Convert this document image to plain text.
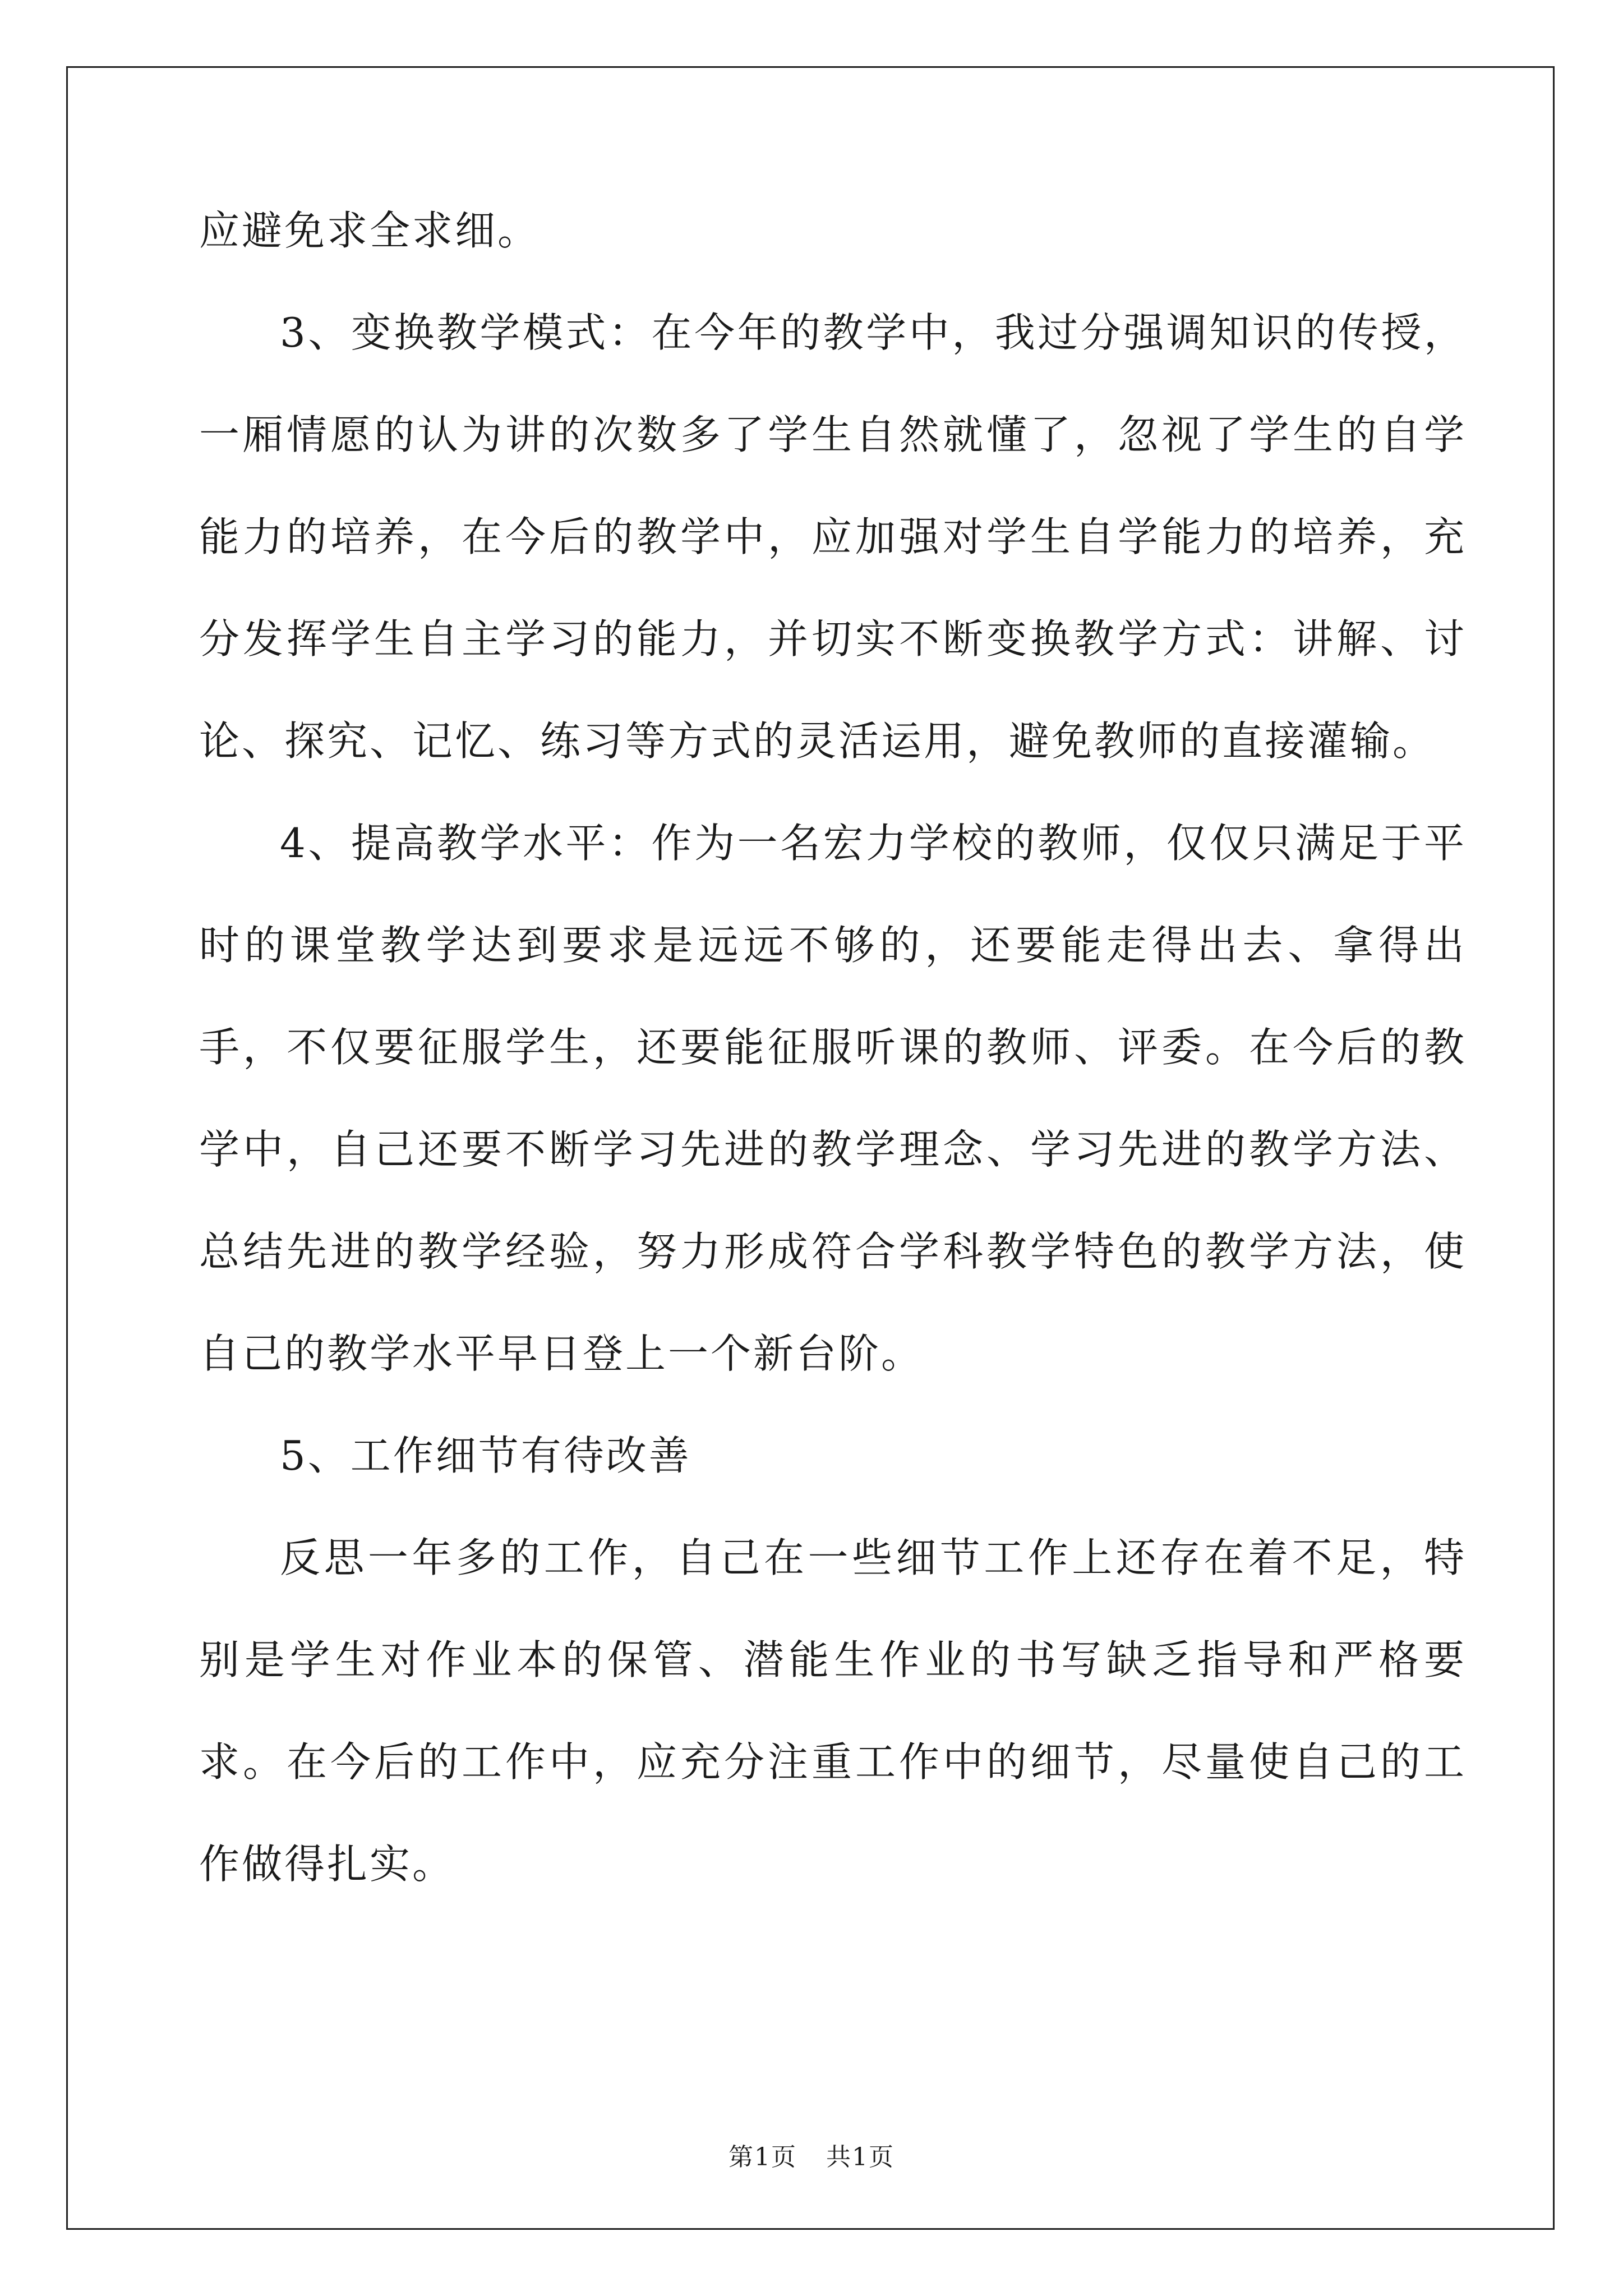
应避免求全求细。

3、变换教学模式：在今年的教学中，我过分强调知识的传授，一厢情愿的认为讲的次数多了学生自然就懂了，忽视了学生的自学能力的培养，在今后的教学中，应加强对学生自学能力的培养，充分发挥学生自主学习的能力，并切实不断变换教学方式：讲解、讨论、探究、记忆、练习等方式的灵活运用，避免教师的直接灌输。

4、提高教学水平：作为一名宏力学校的教师，仅仅只满足于平时的课堂教学达到要求是远远不够的，还要能走得出去、拿得出手，不仅要征服学生，还要能征服听课的教师、评委。在今后的教学中，自己还要不断学习先进的教学理念、学习先进的教学方法、总结先进的教学经验，努力形成符合学科教学特色的教学方法，使自己的教学水平早日登上一个新台阶。

5、工作细节有待改善

反思一年多的工作，自己在一些细节工作上还存在着不足，特别是学生对作业本的保管、潜能生作业的书写缺乏指导和严格要求。在今后的工作中，应充分注重工作中的细节，尽量使自己的工作做得扎实。

第1页 共1页
